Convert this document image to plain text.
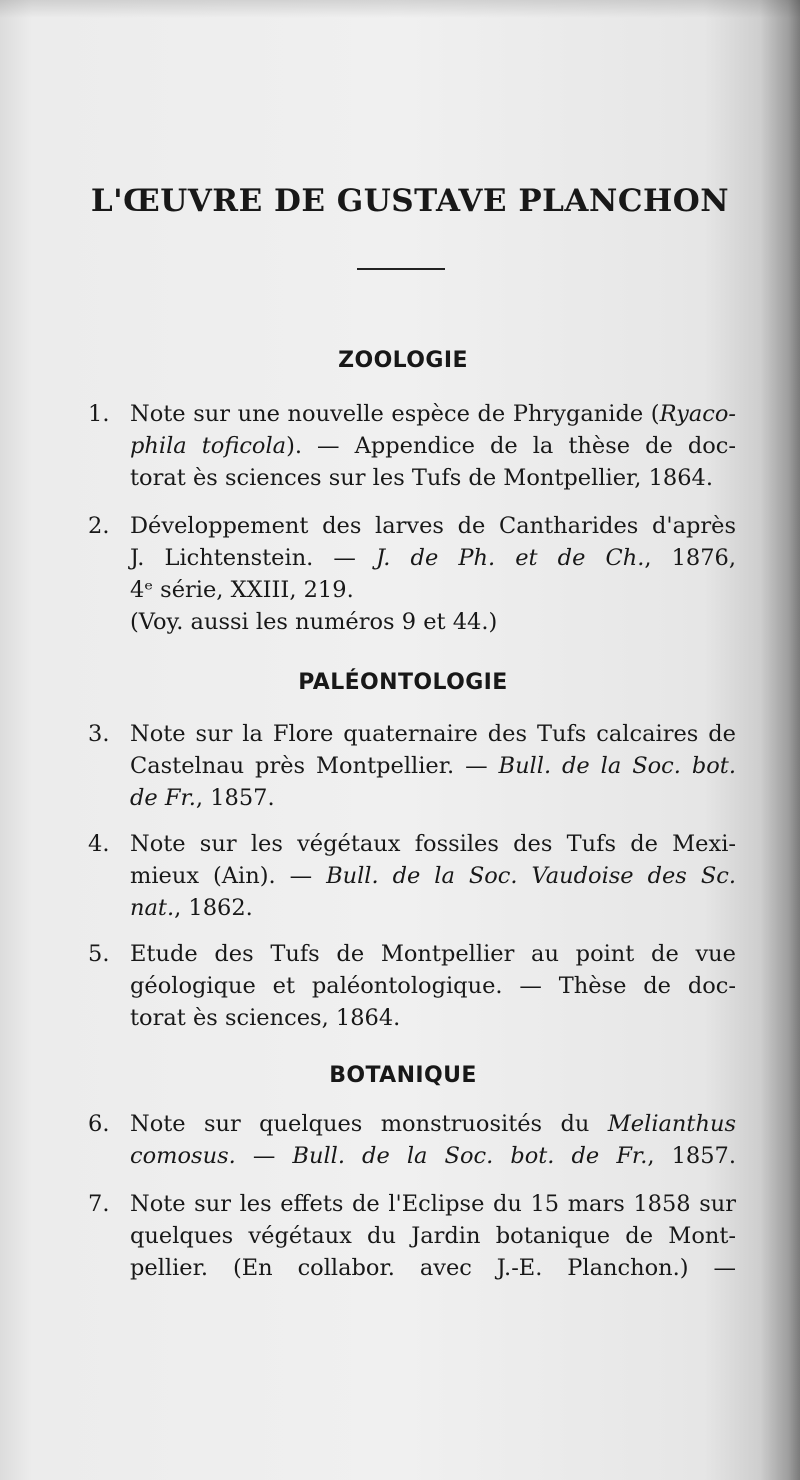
L'ŒUVRE DE GUSTAVE PLANCHON
ZOOLOGIE
1. Note sur une nouvelle espèce de Phryganide (Ryaco-
phila toficola). — Appendice de la thèse de doc-
torat ès sciences sur les Tufs de Montpellier, 1864.
2. Développement des larves de Cantharides d'après
J. Lichtenstein. — J. de Ph. et de Ch., 1876,
4ᵉ série, XXIII, 219.
(Voy. aussi les numéros 9 et 44.)
PALÉONTOLOGIE
3. Note sur la Flore quaternaire des Tufs calcaires de
Castelnau près Montpellier. — Bull. de la Soc. bot.
de Fr., 1857.
4. Note sur les végétaux fossiles des Tufs de Mexi-
mieux (Ain). — Bull. de la Soc. Vaudoise des Sc.
nat., 1862.
5. Etude des Tufs de Montpellier au point de vue
géologique et paléontologique. — Thèse de doc-
torat ès sciences, 1864.
BOTANIQUE
6. Note sur quelques monstruosités du Melianthus
comosus. — Bull. de la Soc. bot. de Fr., 1857.
7. Note sur les effets de l'Eclipse du 15 mars 1858 sur
quelques végétaux du Jardin botanique de Mont-
pellier. (En collabor. avec J.-E. Planchon.) —
